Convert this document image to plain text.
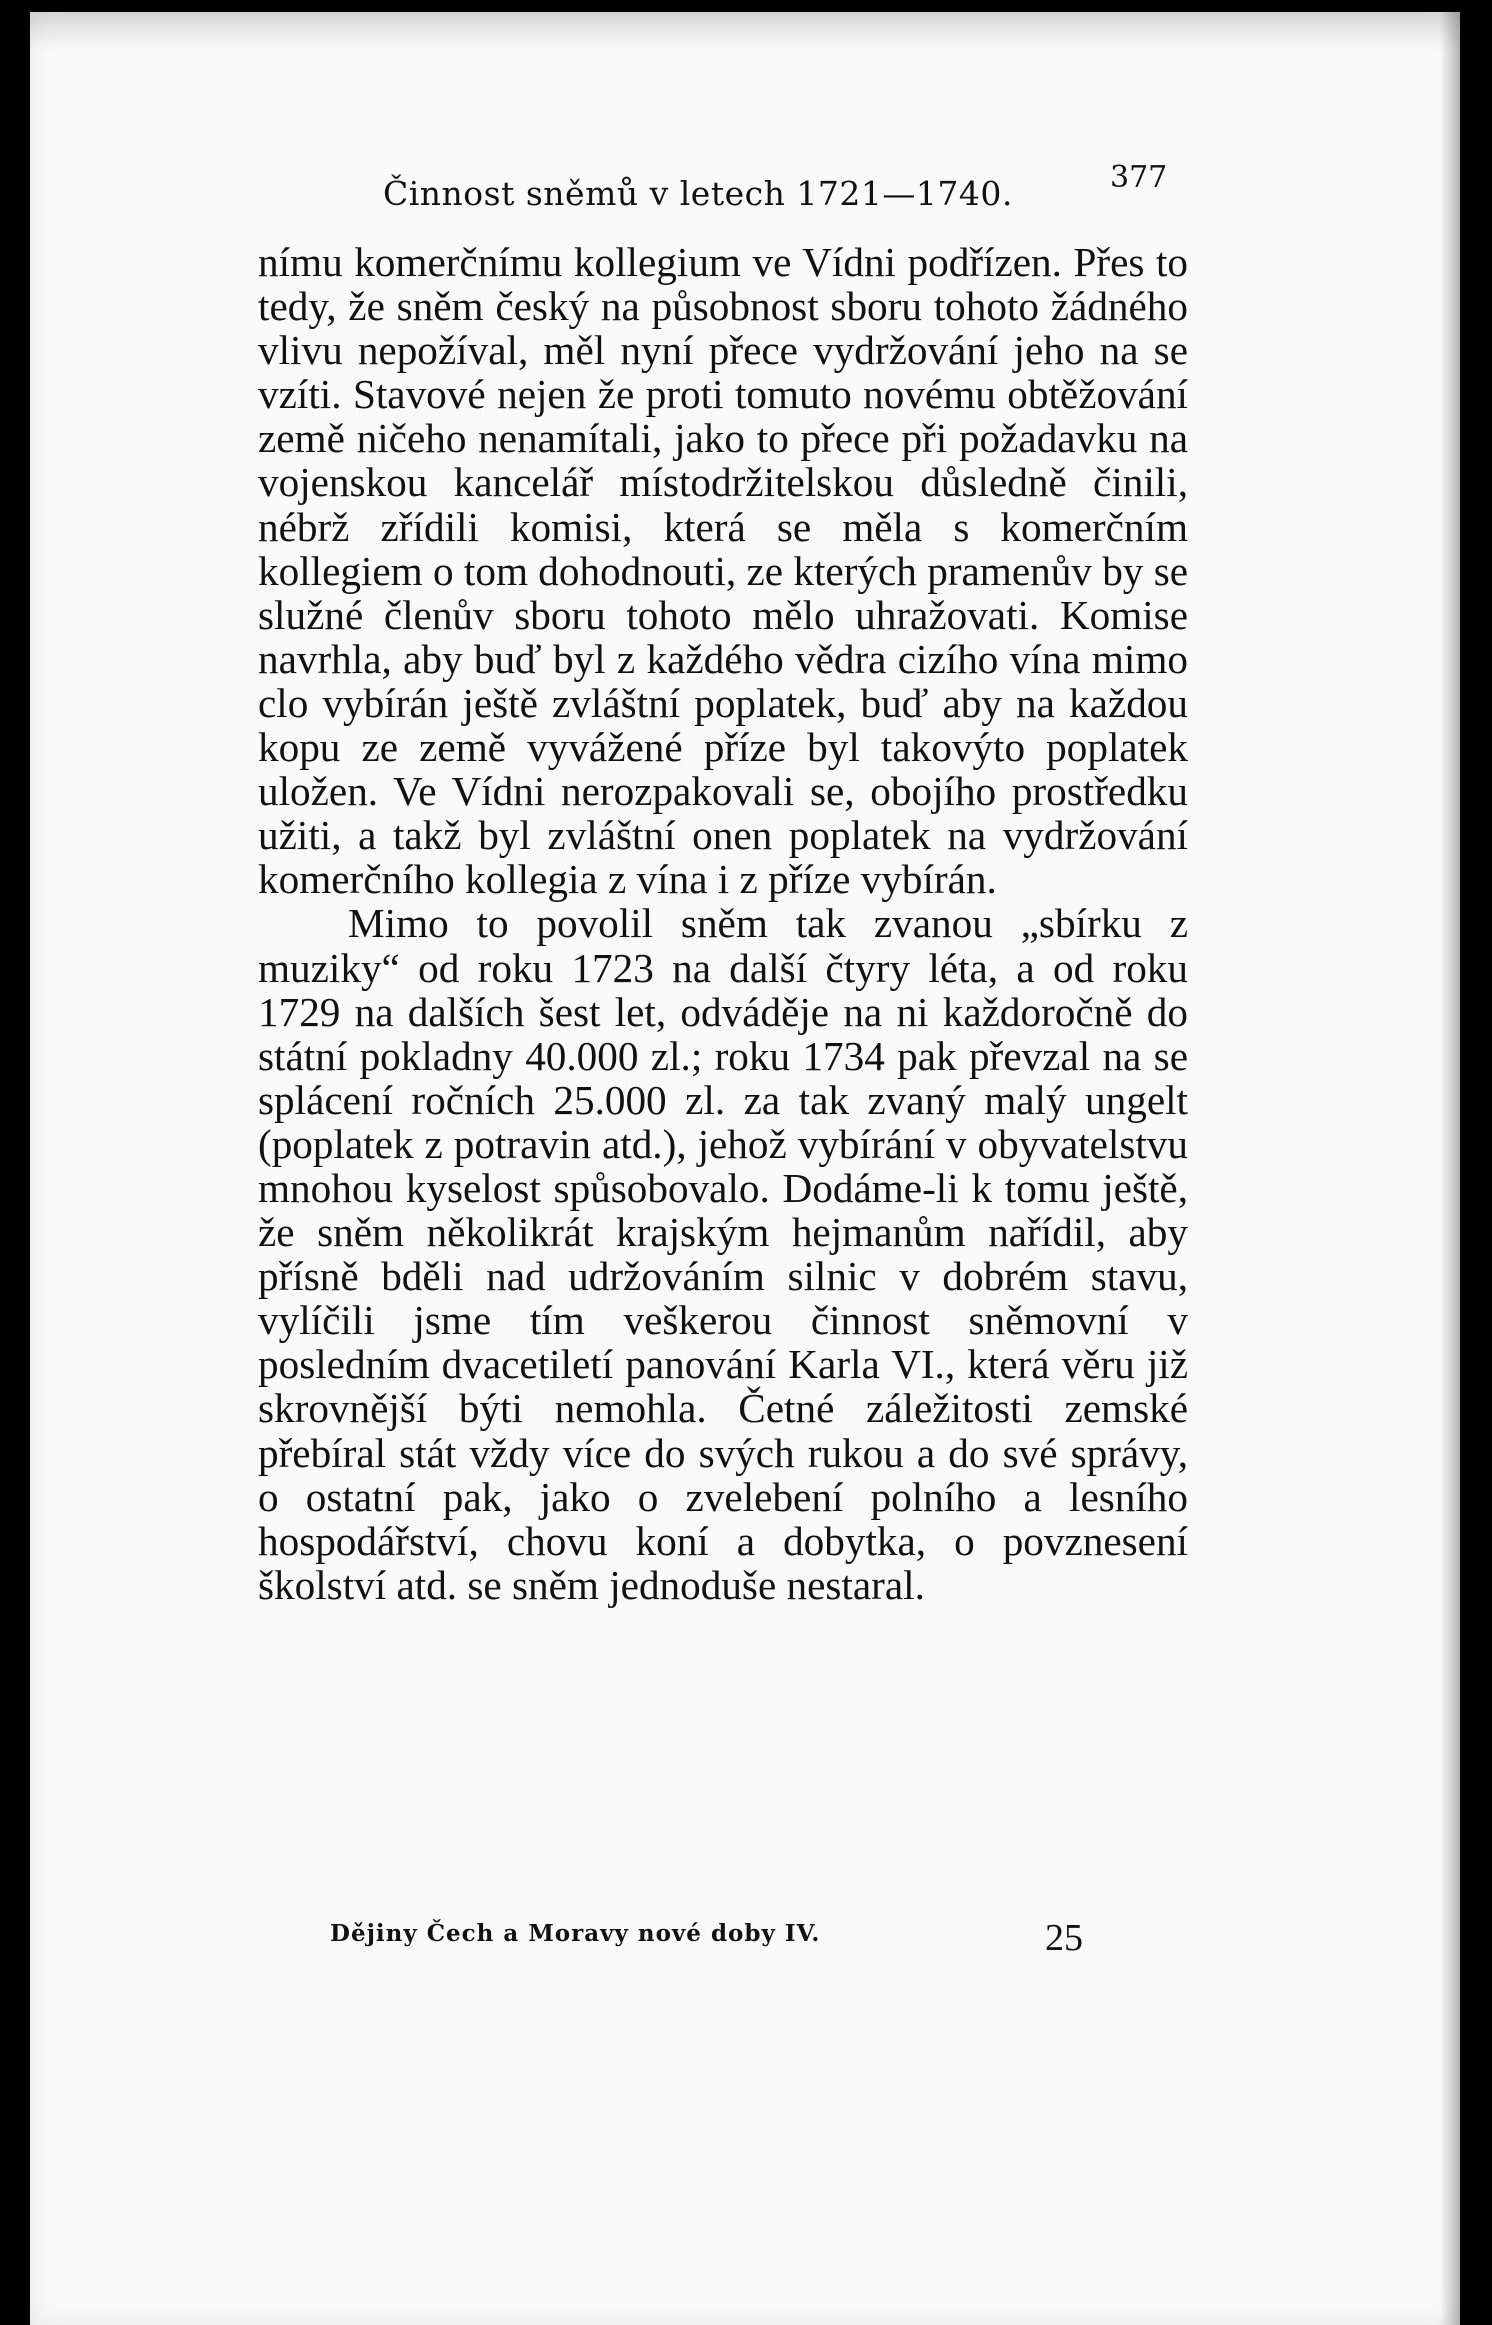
Činnost sněmů v letech 1721—1740.	377

nímu komerčnímu kollegium ve Vídni podřízen. Přes to tedy, že sněm český na působnost sboru tohoto žádného vlivu nepožíval, měl nyní přece vydržování jeho na se vzíti. Stavové nejen že proti tomuto novému obtěžování země ničeho nenamítali, jako to přece při požadavku na vojenskou kancelář místodržitelskou důsledně činili, nébrž zřídili komisi, která se měla s komerčním kollegiem o tom dohodnouti, ze kterých pramenův by se služné členův sboru tohoto mělo uhražovati. Komise navrhla, aby buď byl z každého vědra cizího vína mimo clo vybírán ještě zvláštní poplatek, buď aby na každou kopu ze země vyvážené příze byl takovýto poplatek uložen. Ve Vídni nerozpakovali se, obojího prostředku užiti, a takž byl zvláštní onen poplatek na vydržování komerčního kollegia z vína i z příze vybírán.

Mimo to povolil sněm tak zvanou „sbírku z muziky“ od roku 1723 na další čtyry léta, a od roku 1729 na dalších šest let, odváděje na ni každoročně do státní pokladny 40.000 zl.; roku 1734 pak převzal na se splácení ročních 25.000 zl. za tak zvaný malý ungelt (poplatek z potravin atd.), jehož vybírání v obyvatelstvu mnohou kyselost spůsobovalo. Dodáme-li k tomu ještě, že sněm několikrát krajským hejmanům nařídil, aby přísně bděli nad udržováním silnic v dobrém stavu, vylíčili jsme tím veškerou činnost sněmovní v posledním dvacetiletí panování Karla VI., která věru již skrovnější býti nemohla. Četné záležitosti zemské přebíral stát vždy více do svých rukou a do své správy, o ostatní pak, jako o zvelebení polního a lesního hospodářství, chovu koní a dobytka, o povznesení školství atd. se sněm jednoduše nestaral.

Dějiny Čech a Moravy nové doby IV.	25
